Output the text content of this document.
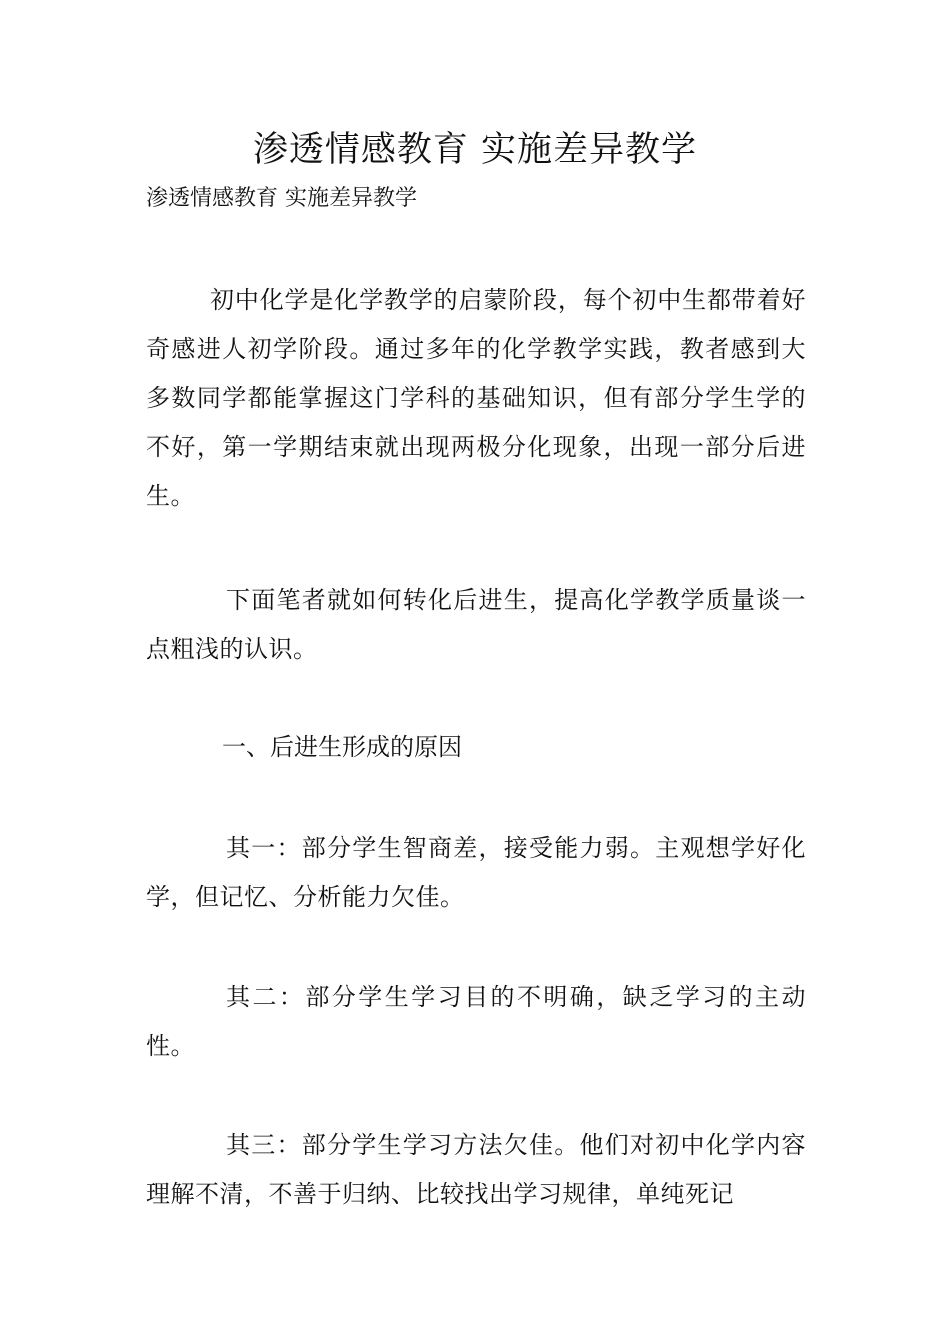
渗透情感教育 实施差异教学

渗透情感教育 实施差异教学

初中化学是化学教学的启蒙阶段，每个初中生都带着好奇感进人初学阶段。通过多年的化学教学实践，教者感到大多数同学都能掌握这门学科的基础知识，但有部分学生学的不好，第一学期结束就出现两极分化现象，出现一部分后进生。

下面笔者就如何转化后进生，提高化学教学质量谈一点粗浅的认识。

一、后进生形成的原因

其一：部分学生智商差，接受能力弱。主观想学好化学，但记忆、分析能力欠佳。

其二：部分学生学习目的不明确，缺乏学习的主动性。

其三：部分学生学习方法欠佳。他们对初中化学内容理解不清，不善于归纳、比较找出学习规律，单纯死记
